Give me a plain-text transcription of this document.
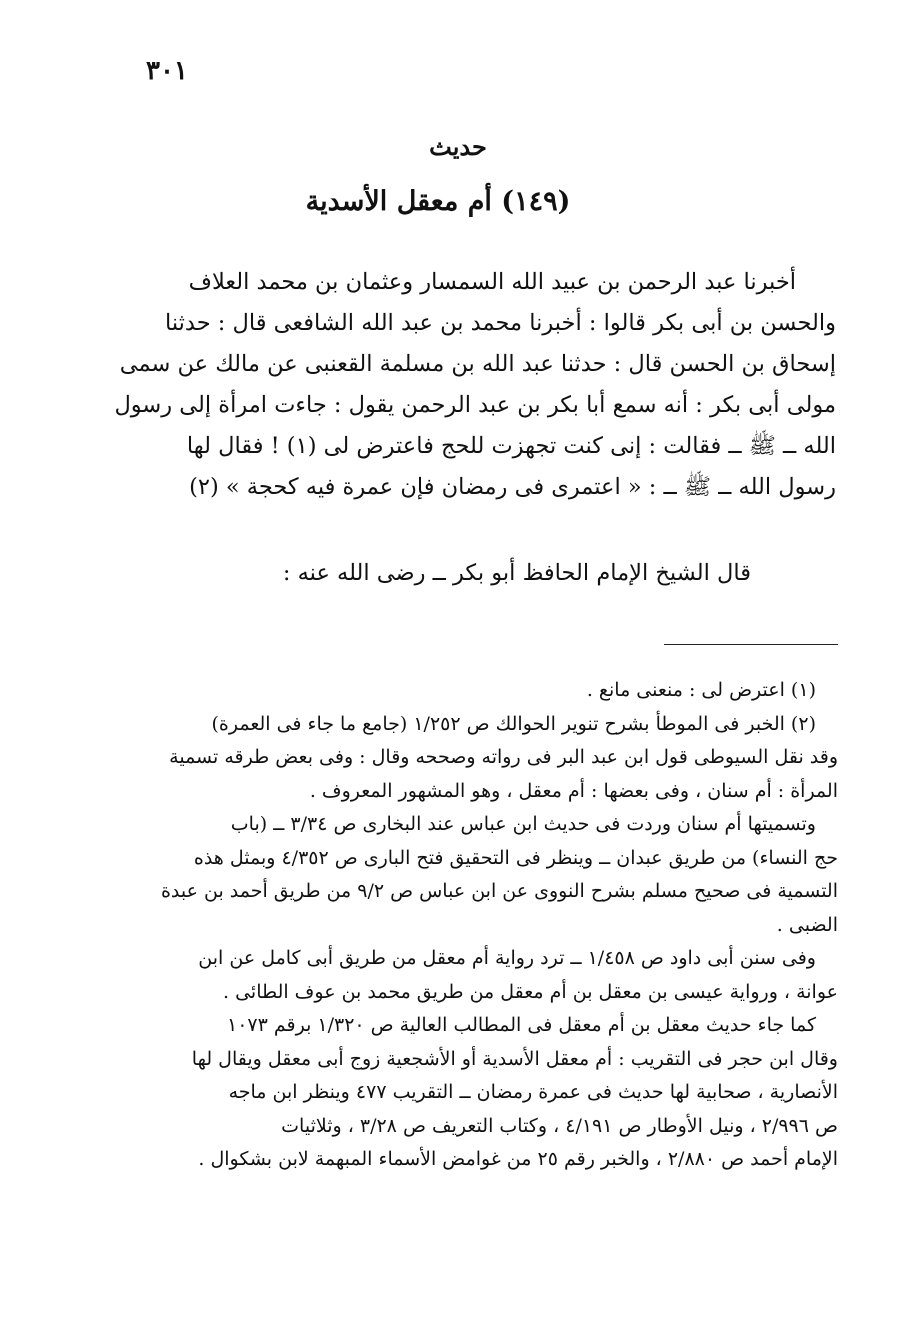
٣٠١
حديث
(١٤٩) أم معقل الأسدية
أخبرنا عبد الرحمن بن عبيد الله السمسار وعثمان بن محمد العلاف
والحسن بن أبى بكر قالوا : أخبرنا محمد بن عبد الله الشافعى قال : حدثنا
إسحاق بن الحسن قال : حدثنا عبد الله بن مسلمة القعنبى عن مالك عن سمى
مولى أبى بكر : أنه سمع أبا بكر بن عبد الرحمن يقول : جاءت امرأة إلى رسول
الله ــ ﷺ ــ فقالت : إنى كنت تجهزت للحج فاعترض لى (١) ! فقال لها
رسول الله ــ ﷺ ــ : « اعتمرى فى رمضان فإن عمرة فيه كحجة » (٢)
قال الشيخ الإمام الحافظ أبو بكر ــ رضى الله عنه :
(١) اعترض لى : منعنى مانع .
(٢) الخبر فى الموطأ بشرح تنوير الحوالك ص ١/٢٥٢ (جامع ما جاء فى العمرة)
وقد نقل السيوطى قول ابن عبد البر فى رواته وصححه وقال : وفى بعض طرقه تسمية
المرأة : أم سنان ، وفى بعضها : أم معقل ، وهو المشهور المعروف .
وتسميتها أم سنان وردت فى حديث ابن عباس عند البخارى ص ٣/٣٤ ــ (باب
حج النساء) من طريق عبدان ــ وينظر فى التحقيق فتح البارى ص ٤/٣٥٢ وبمثل هذه
التسمية فى صحيح مسلم بشرح النووى عن ابن عباس ص ٩/٢ من طريق أحمد بن عبدة
الضبى .
وفى سنن أبى داود ص ١/٤٥٨ ــ ترد رواية أم معقل من طريق أبى كامل عن ابن
عوانة ، ورواية عيسى بن معقل بن أم معقل من طريق محمد بن عوف الطائى .
كما جاء حديث معقل بن أم معقل فى المطالب العالية ص ١/٣٢٠ برقم ١٠٧٣
وقال ابن حجر فى التقريب : أم معقل الأسدية أو الأشجعية زوج أبى معقل ويقال لها
الأنصارية ، صحابية لها حديث فى عمرة رمضان ــ التقريب ٤٧٧ وينظر ابن ماجه
ص ٢/٩٩٦ ، ونيل الأوطار ص ٤/١٩١ ، وكتاب التعريف ص ٣/٢٨ ، وثلاثيات
الإمام أحمد ص ٢/٨٨٠ ، والخبر رقم ٢٥ من غوامض الأسماء المبهمة لابن بشكوال .
